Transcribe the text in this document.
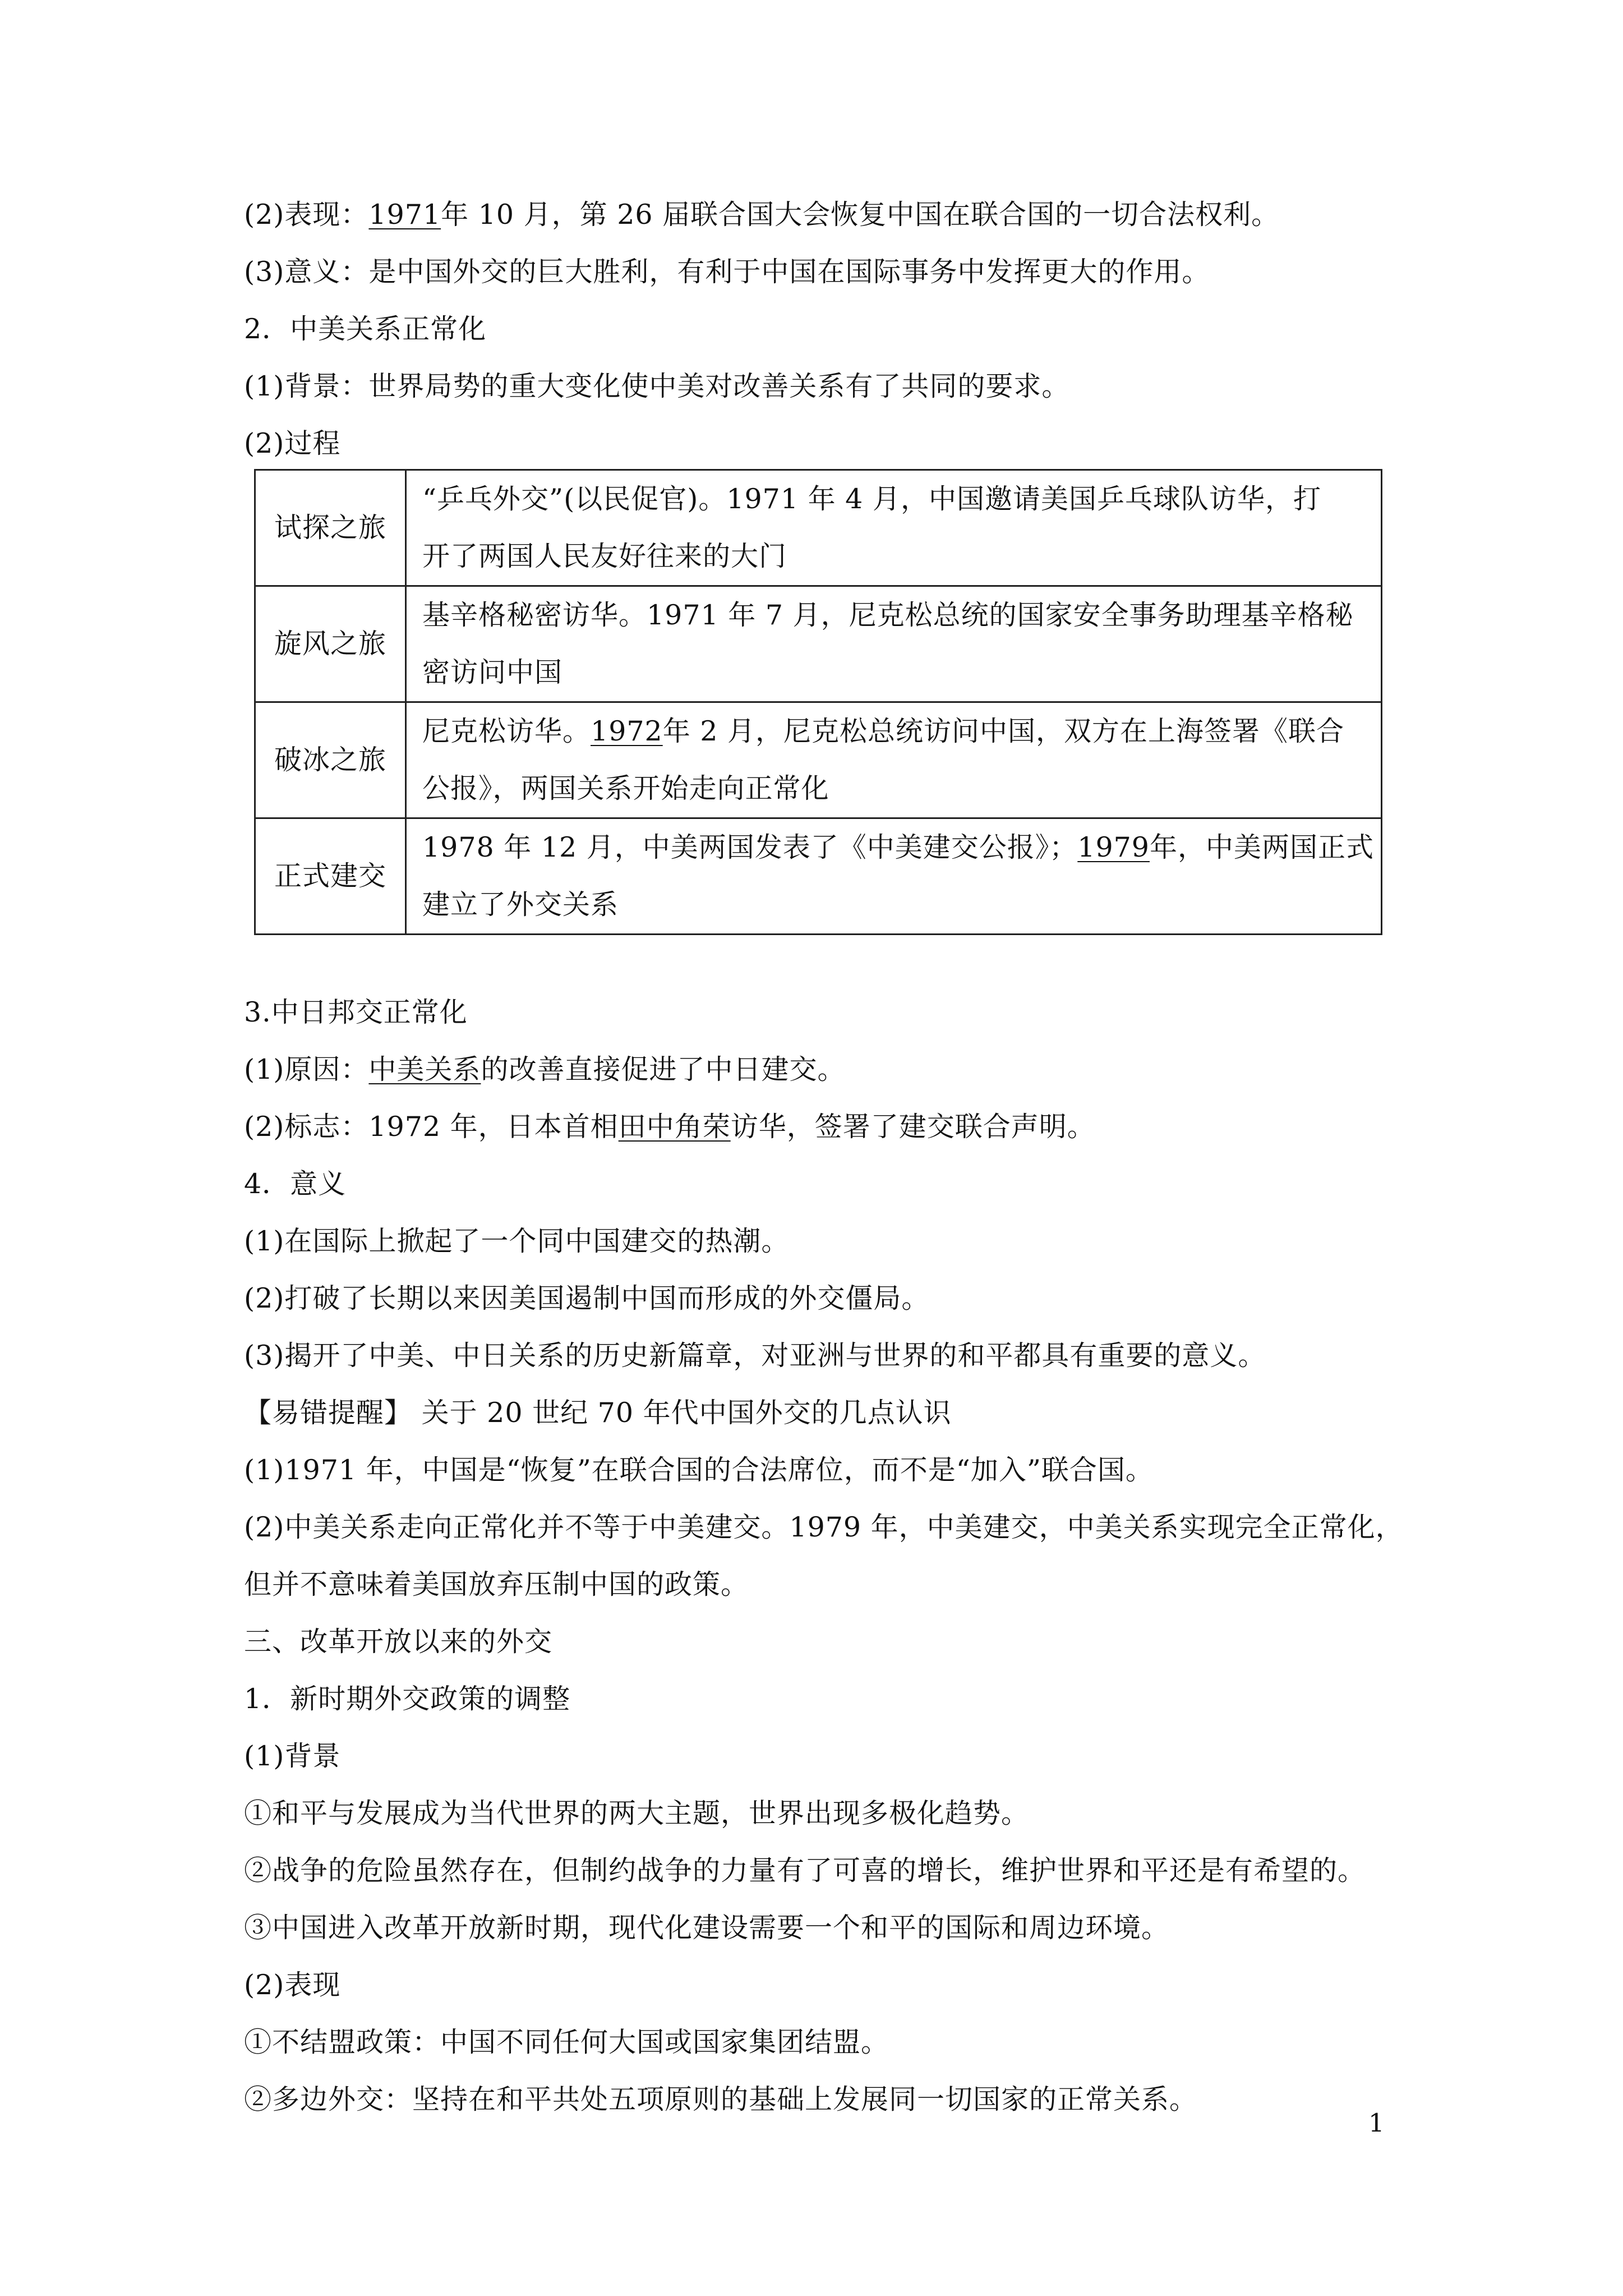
(2)表现：1971年 10 月，第 26 届联合国大会恢复中国在联合国的一切合法权利。
(3)意义：是中国外交的巨大胜利，有利于中国在国际事务中发挥更大的作用。
2．中美关系正常化
(1)背景：世界局势的重大变化使中美对改善关系有了共同的要求。
(2)过程
试探之旅	“乒乓外交”(以民促官)。1971 年 4 月，中国邀请美国乒乓球队访华，打
开了两国人民友好往来的大门

旋风之旅	基辛格秘密访华。1971 年 7 月，尼克松总统的国家安全事务助理基辛格秘
密访问中国

破冰之旅	尼克松访华。1972年 2 月，尼克松总统访问中国，双方在上海签署《联合
公报》，两国关系开始走向正常化

正式建交	1978 年 12 月，中美两国发表了《中美建交公报》；1979年，中美两国正式
建立了外交关系
3.中日邦交正常化
(1)原因：中美关系的改善直接促进了中日建交。
(2)标志：1972 年，日本首相田中角荣访华，签署了建交联合声明。
4．意义
(1)在国际上掀起了一个同中国建交的热潮。
(2)打破了长期以来因美国遏制中国而形成的外交僵局。
(3)揭开了中美、中日关系的历史新篇章，对亚洲与世界的和平都具有重要的意义。
【易错提醒】 关于 20 世纪 70 年代中国外交的几点认识
(1)1971 年，中国是“恢复”在联合国的合法席位，而不是“加入”联合国。
(2)中美关系走向正常化并不等于中美建交。1979 年，中美建交，中美关系实现完全正常化，
但并不意味着美国放弃压制中国的政策。
三、改革开放以来的外交
1．新时期外交政策的调整
(1)背景
①和平与发展成为当代世界的两大主题，世界出现多极化趋势。
②战争的危险虽然存在，但制约战争的力量有了可喜的增长，维护世界和平还是有希望的。
③中国进入改革开放新时期，现代化建设需要一个和平的国际和周边环境。
(2)表现
①不结盟政策：中国不同任何大国或国家集团结盟。
②多边外交：坚持在和平共处五项原则的基础上发展同一切国家的正常关系。
1
